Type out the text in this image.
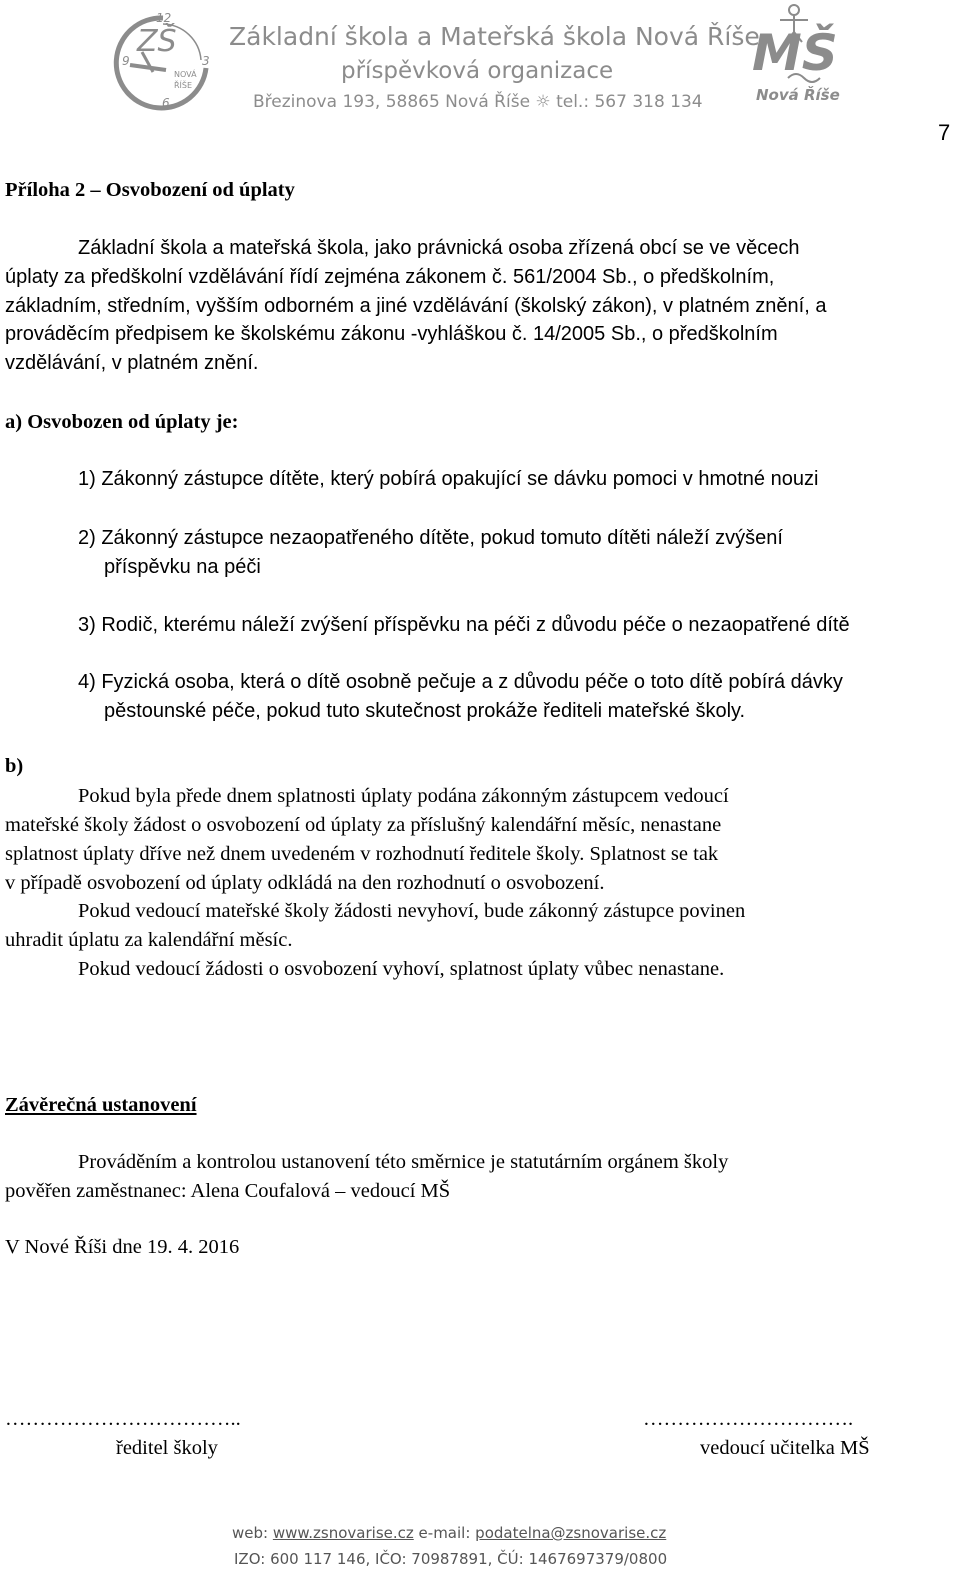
12
9	3
6
ZŠ
NOVÁ
ŘÍŠE
Základní škola a Mateřská škola Nová Říše
příspěvková organizace
Březinova 193, 58865 Nová Říše ☼ tel.: 567 318 134
MŠ
Nová Říše
7
Příloha 2 – Osvobození od úplaty
Základní škola a mateřská škola, jako právnická osoba zřízená obcí se ve věcech
úplaty za předškolní vzdělávání řídí zejména zákonem č. 561/2004 Sb., o předškolním,
základním, středním, vyšším odborném a jiné vzdělávání (školský zákon), v platném znění, a
prováděcím předpisem ke školskému zákonu -vyhláškou č. 14/2005 Sb., o předškolním
vzdělávání, v platném znění.
a) Osvobozen od úplaty je:
1) Zákonný zástupce dítěte, který pobírá opakující se dávku pomoci v hmotné nouzi
2) Zákonný zástupce nezaopatřeného dítěte, pokud tomuto dítěti náleží zvýšení
příspěvku na péči
3) Rodič, kterému náleží zvýšení příspěvku na péči z důvodu péče o nezaopatřené dítě
4) Fyzická osoba, která o dítě osobně pečuje a z důvodu péče o toto dítě pobírá dávky
pěstounské péče, pokud tuto skutečnost prokáže řediteli mateřské školy.
b)
Pokud byla přede dnem splatnosti úplaty podána zákonným zástupcem vedoucí
mateřské školy žádost o osvobození od úplaty za příslušný kalendářní měsíc, nenastane
splatnost úplaty dříve než dnem uvedeném v rozhodnutí ředitele školy. Splatnost se tak
v případě osvobození od úplaty odkládá na den rozhodnutí o osvobození.
Pokud vedoucí mateřské školy žádosti nevyhoví, bude zákonný zástupce povinen
uhradit úplatu za kalendářní měsíc.
Pokud vedoucí žádosti o osvobození vyhoví, splatnost úplaty vůbec nenastane.
Závěrečná ustanovení
Prováděním a kontrolou ustanovení této směrnice je statutárním orgánem školy
pověřen zaměstnanec: Alena Coufalová – vedoucí MŠ
V Nové Říši dne 19. 4. 2016
……………………………..
ředitel školy
………………………….
vedoucí učitelka MŠ
web: www.zsnovarise.cz e-mail: podatelna@zsnovarise.cz
IZO: 600 117 146, IČO: 70987891, ČÚ: 1467697379/0800
